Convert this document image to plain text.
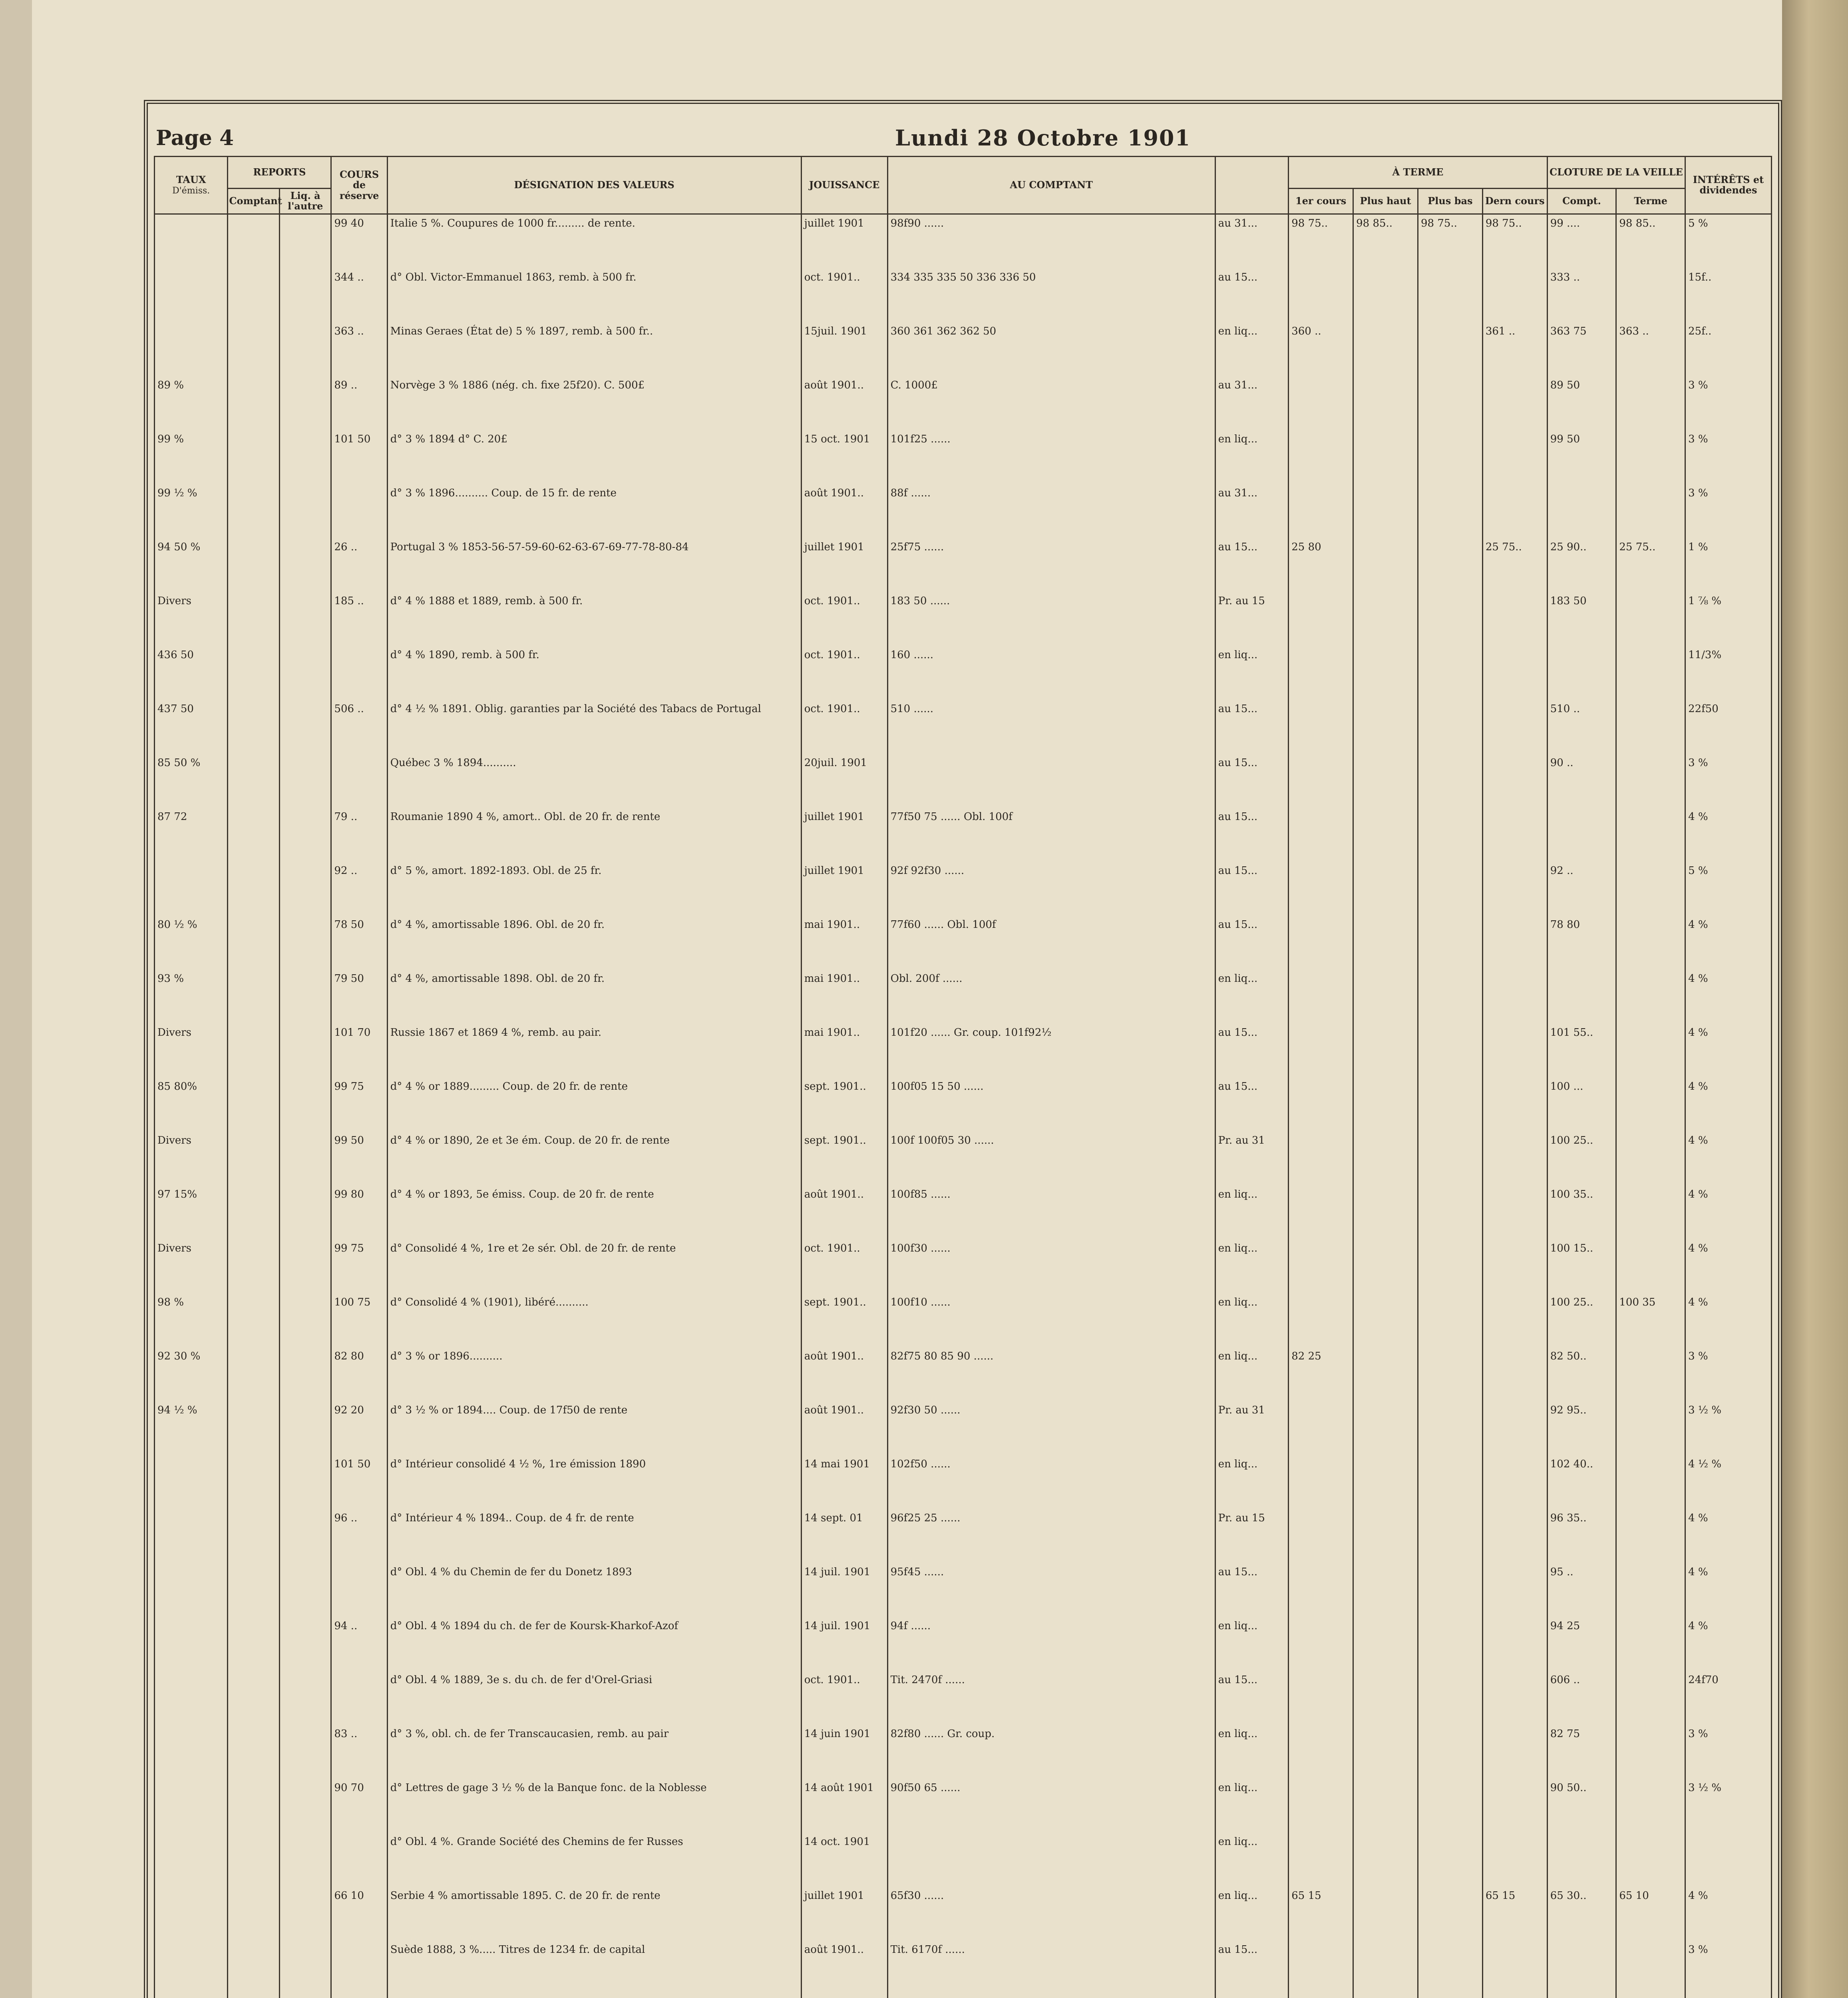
Page 4	Lundi 28 Octobre 1901
TAUX
D'émiss.	REPORTS		COURS de réserve	DÉSIGNATION DES VALEURS	JOUISSANCE	AU COMPTANT		À TERME				CLOTURE DE LA VEILLE		INTÉRÊTS et dividendes
	Comptant	Liq. à l'autre						1er cours	Plus haut	Plus bas	Dern cours	Compt.	Terme	
			99 40	Italie 5 %. Coupures de 1000 fr......... de rente.	juillet 1901	98f90 ......	au 31...	98 75..	98 85..	98 75..	98 75..	99 ....	98 85..	5 %
			344 ..	d° Obl. Victor-Emmanuel 1863, remb. à 500 fr.	oct. 1901..	334 335 335 50 336 336 50	au 15...					333 ..		15f..
			363 ..	Minas Geraes (État de) 5 % 1897, remb. à 500 fr..	15juil. 1901	360 361 362 362 50	en liq...	360 ..			361 ..	363 75	363 ..	25f..
89 %			89 ..	Norvège 3 % 1886 (nég. ch. fixe 25f20). C. 500£	août 1901..	C. 1000£	au 31...					89 50		3 %
99 %			101 50	d° 3 % 1894 d° C. 20£	15 oct. 1901	101f25 ......	en liq...					99 50		3 %
99 ½ %				d° 3 % 1896.......... Coup. de 15 fr. de rente	août 1901..	88f ......	au 31...							3 %
94 50 %			26 ..	Portugal 3 % 1853-56-57-59-60-62-63-67-69-77-78-80-84	juillet 1901	25f75 ......	au 15...	25 80			25 75..	25 90..	25 75..	1 %
Divers			185 ..	d° 4 % 1888 et 1889, remb. à 500 fr.	oct. 1901..	183 50 ......	Pr. au 15					183 50		1 ⅞ %
436 50				d° 4 % 1890, remb. à 500 fr.	oct. 1901..	160 ......	en liq...							11/3%
437 50			506 ..	d° 4 ½ % 1891. Oblig. garanties par la Société des Tabacs de Portugal	oct. 1901..	510 ......	au 15...					510 ..		22f50
85 50 %				Québec 3 % 1894..........	20juil. 1901		au 15...					90 ..		3 %
87 72			79 ..	Roumanie 1890 4 %, amort.. Obl. de 20 fr. de rente	juillet 1901	77f50 75 ...... Obl. 100f	au 15...							4 %
			92 ..	d° 5 %, amort. 1892-1893. Obl. de 25 fr.	juillet 1901	92f 92f30 ......	au 15...					92 ..		5 %
80 ½ %			78 50	d° 4 %, amortissable 1896. Obl. de 20 fr.	mai 1901..	77f60 ...... Obl. 100f	au 15...					78 80		4 %
93 %			79 50	d° 4 %, amortissable 1898. Obl. de 20 fr.	mai 1901..	Obl. 200f ......	en liq...							4 %
Divers			101 70	Russie 1867 et 1869 4 %, remb. au pair.	mai 1901..	101f20 ...... Gr. coup. 101f92½	au 15...					101 55..		4 %
85 80%			99 75	d° 4 % or 1889......... Coup. de 20 fr. de rente	sept. 1901..	100f05 15 50 ......	au 15...					100 ...		4 %
Divers			99 50	d° 4 % or 1890, 2e et 3e ém. Coup. de 20 fr. de rente	sept. 1901..	100f 100f05 30 ......	Pr. au 31					100 25..		4 %
97 15%			99 80	d° 4 % or 1893, 5e émiss. Coup. de 20 fr. de rente	août 1901..	100f85 ......	en liq...					100 35..		4 %
Divers			99 75	d° Consolidé 4 %, 1re et 2e sér. Obl. de 20 fr. de rente	oct. 1901..	100f30 ......	en liq...					100 15..		4 %
98 %			100 75	d° Consolidé 4 % (1901), libéré..........	sept. 1901..	100f10 ......	en liq...					100 25..	100 35	4 %
92 30 %			82 80	d° 3 % or 1896..........	août 1901..	82f75 80 85 90 ......	en liq...	82 25				82 50..		3 %
94 ½ %			92 20	d° 3 ½ % or 1894.... Coup. de 17f50 de rente	août 1901..	92f30 50 ......	Pr. au 31					92 95..		3 ½ %
			101 50	d° Intérieur consolidé 4 ½ %, 1re émission 1890	14 mai 1901	102f50 ......	en liq...					102 40..		4 ½ %
			96 ..	d° Intérieur 4 % 1894.. Coup. de 4 fr. de rente	14 sept. 01	96f25 25 ......	Pr. au 15					96 35..		4 %
				d° Obl. 4 % du Chemin de fer du Donetz 1893	14 juil. 1901	95f45 ......	au 15...					95 ..		4 %
			94 ..	d° Obl. 4 % 1894 du ch. de fer de Koursk-Kharkof-Azof	14 juil. 1901	94f ......	en liq...					94 25		4 %
				d° Obl. 4 % 1889, 3e s. du ch. de fer d'Orel-Griasi	oct. 1901..	Tit. 2470f ......	au 15...					606 ..		24f70
			83 ..	d° 3 %, obl. ch. de fer Transcaucasien, remb. au pair	14 juin 1901	82f80 ...... Gr. coup.	en liq...					82 75		3 %
			90 70	d° Lettres de gage 3 ½ % de la Banque fonc. de la Noblesse	14 août 1901	90f50 65 ......	en liq...					90 50..		3 ½ %
				d° Obl. 4 %. Grande Société des Chemins de fer Russes	14 oct. 1901		en liq...							
			66 10	Serbie 4 % amortissable 1895. C. de 20 fr. de rente	juillet 1901	65f30 ......	en liq...	65 15			65 15	65 30..	65 10	4 %
				Suède 1888, 3 %..... Titres de 1234 fr. de capital	août 1901..	Tit. 6170f ......	au 15...							3 %
